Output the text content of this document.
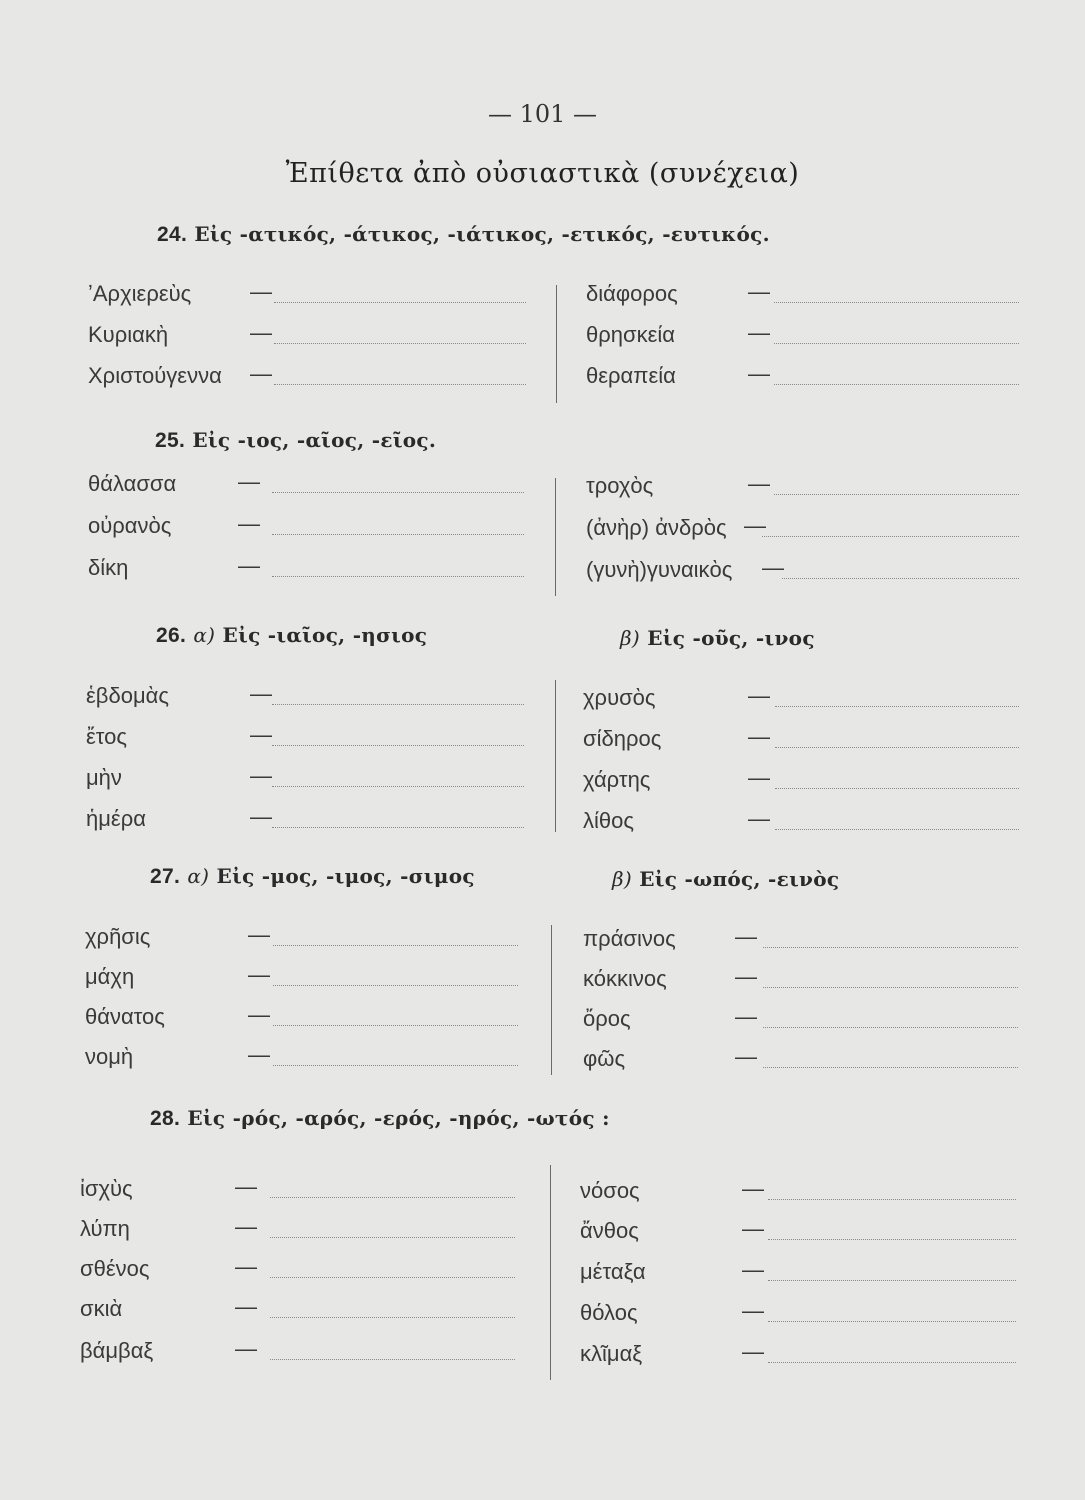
— 101 —
Ἐπίθετα ἀπὸ οὐσιαστικὰ (συνέχεια)
24. Εἰς -ατικός, -άτικος, -ιάτικος, -ετικός, -ευτικός.
ʼΑρχιερεὺς	—
Κυριακὴ	—
Χριστούγεννα —
διάφορος	—
θρησκεία	—
θεραπεία	—
25. Εἰς -ιος, -αῖος, -εῖος.
θάλασσα	—
οὐρανὸς	—
δίκη	—
τροχὸς	—
(ἀνὴρ) ἀνδρὸς —
(γυνὴ)γυναικὸς —
26. α) Εἰς -ιαῖος, -ησιος	β) Εἰς -οῦς, -ινος
ἑβδομὰς	—
ἔτος	—
μὴν	—
ἡμέρα	—
χρυσὸς	—
σίδηρος	—
χάρτης	—
λίθος	—
27. α) Εἰς -μος, -ιμος, -σιμος	β) Εἰς -ωπός, -εινὸς
χρῆσις	—
μάχη	—
θάνατος	—
νομὴ	—
πράσινος	—
κόκκινος	—
ὄρος	—
φῶς	—
28. Εἰς -ρός, -αρός, -ερός, -ηρός, -ωτός :
ἰσχὺς	—
λύπη	—
σθένος	—
σκιὰ	—
βάμβαξ	—
νόσος	—
ἄνθος	—
μέταξα	—
θόλος	—
κλῖμαξ	—
